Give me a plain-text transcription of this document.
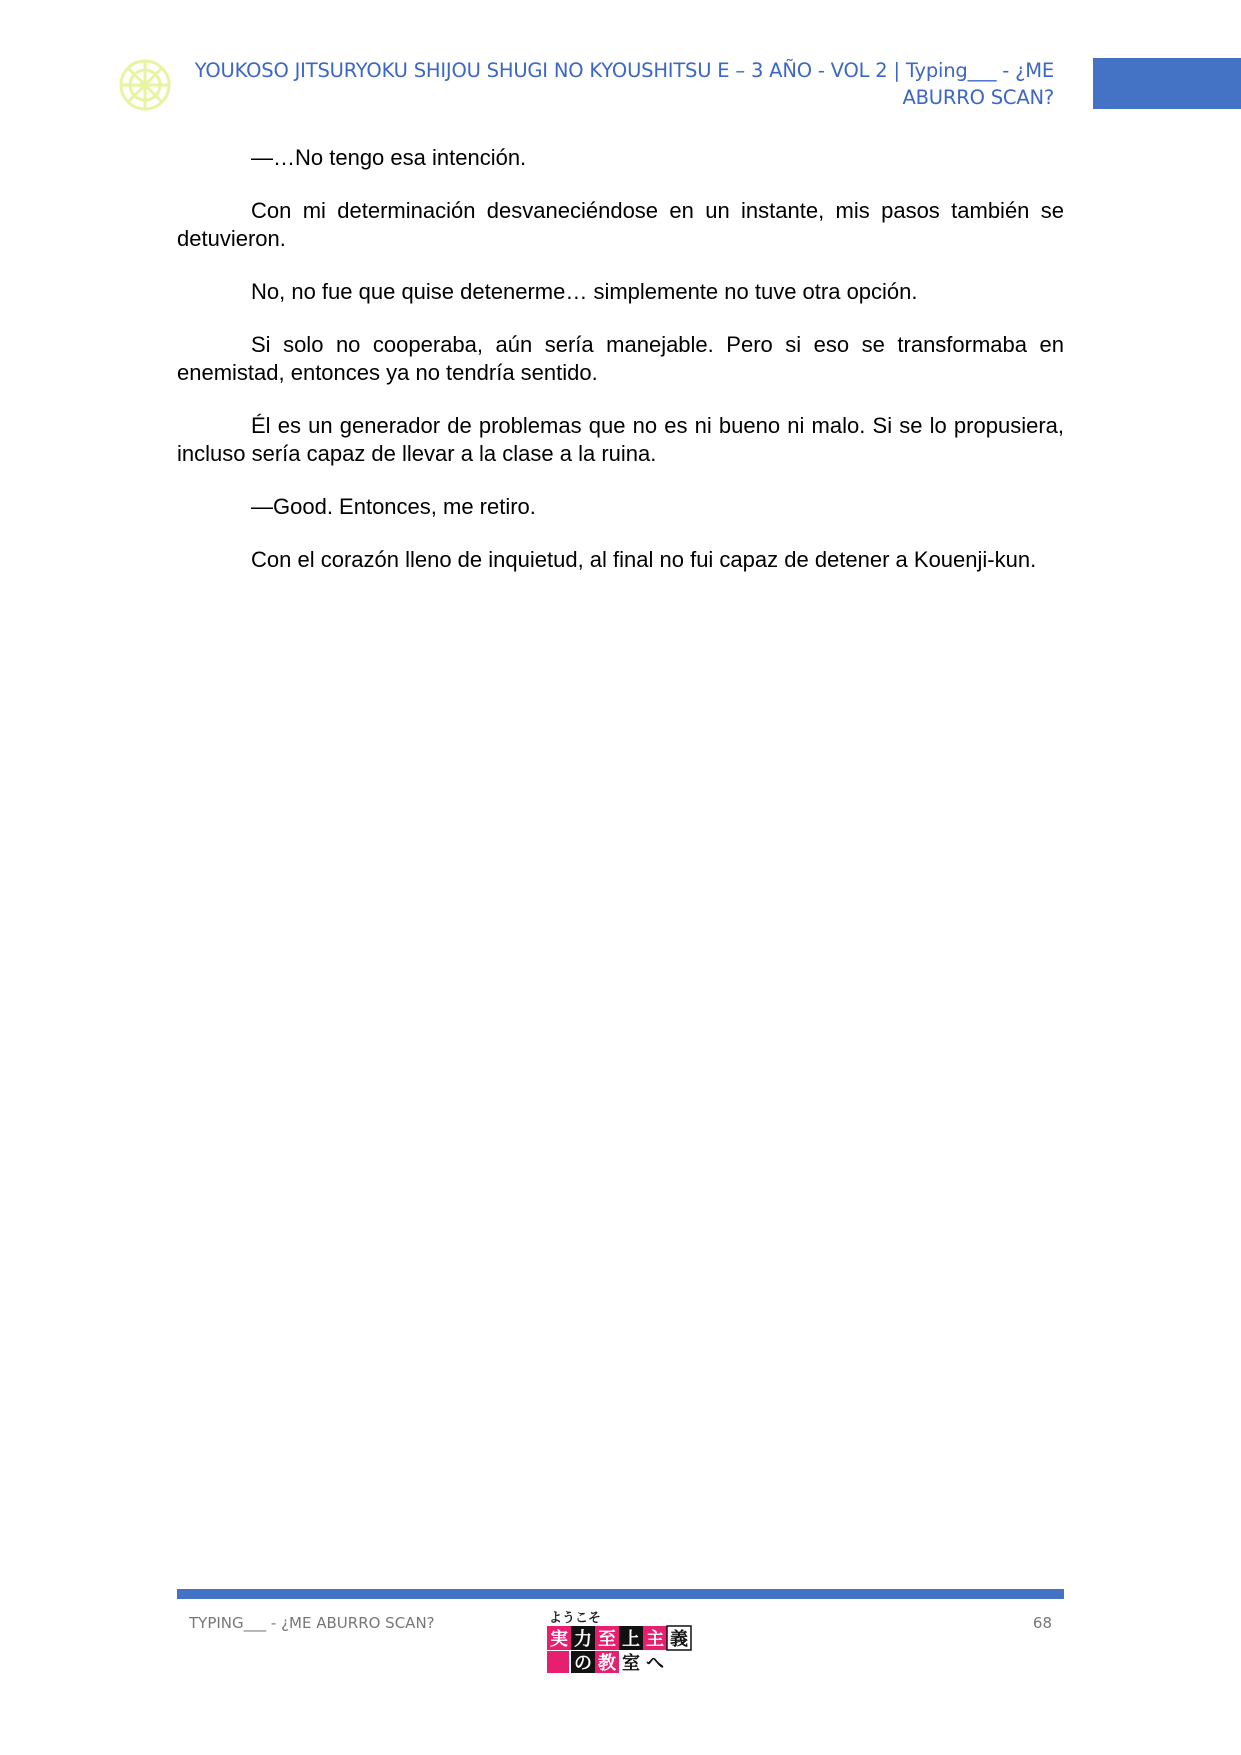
YOUKOSO JITSURYOKU SHIJOU SHUGI NO KYOUSHITSU E – 3 AÑO - VOL 2 | Typing___ - ¿ME ABURRO SCAN?

—…No tengo esa intención.

Con mi determinación desvaneciéndose en un instante, mis pasos también se detuvieron.

No, no fue que quise detenerme… simplemente no tuve otra opción.

Si solo no cooperaba, aún sería manejable. Pero si eso se transformaba en enemistad, entonces ya no tendría sentido.

Él es un generador de problemas que no es ni bueno ni malo. Si se lo propusiera, incluso sería capaz de llevar a la clase a la ruina.

—Good. Entonces, me retiro.

Con el corazón lleno de inquietud, al final no fui capaz de detener a Kouenji-kun.

TYPING___ - ¿ME ABURRO SCAN?	ようこそ
実 力 至 上 主 義
の 教 室 へ
68
